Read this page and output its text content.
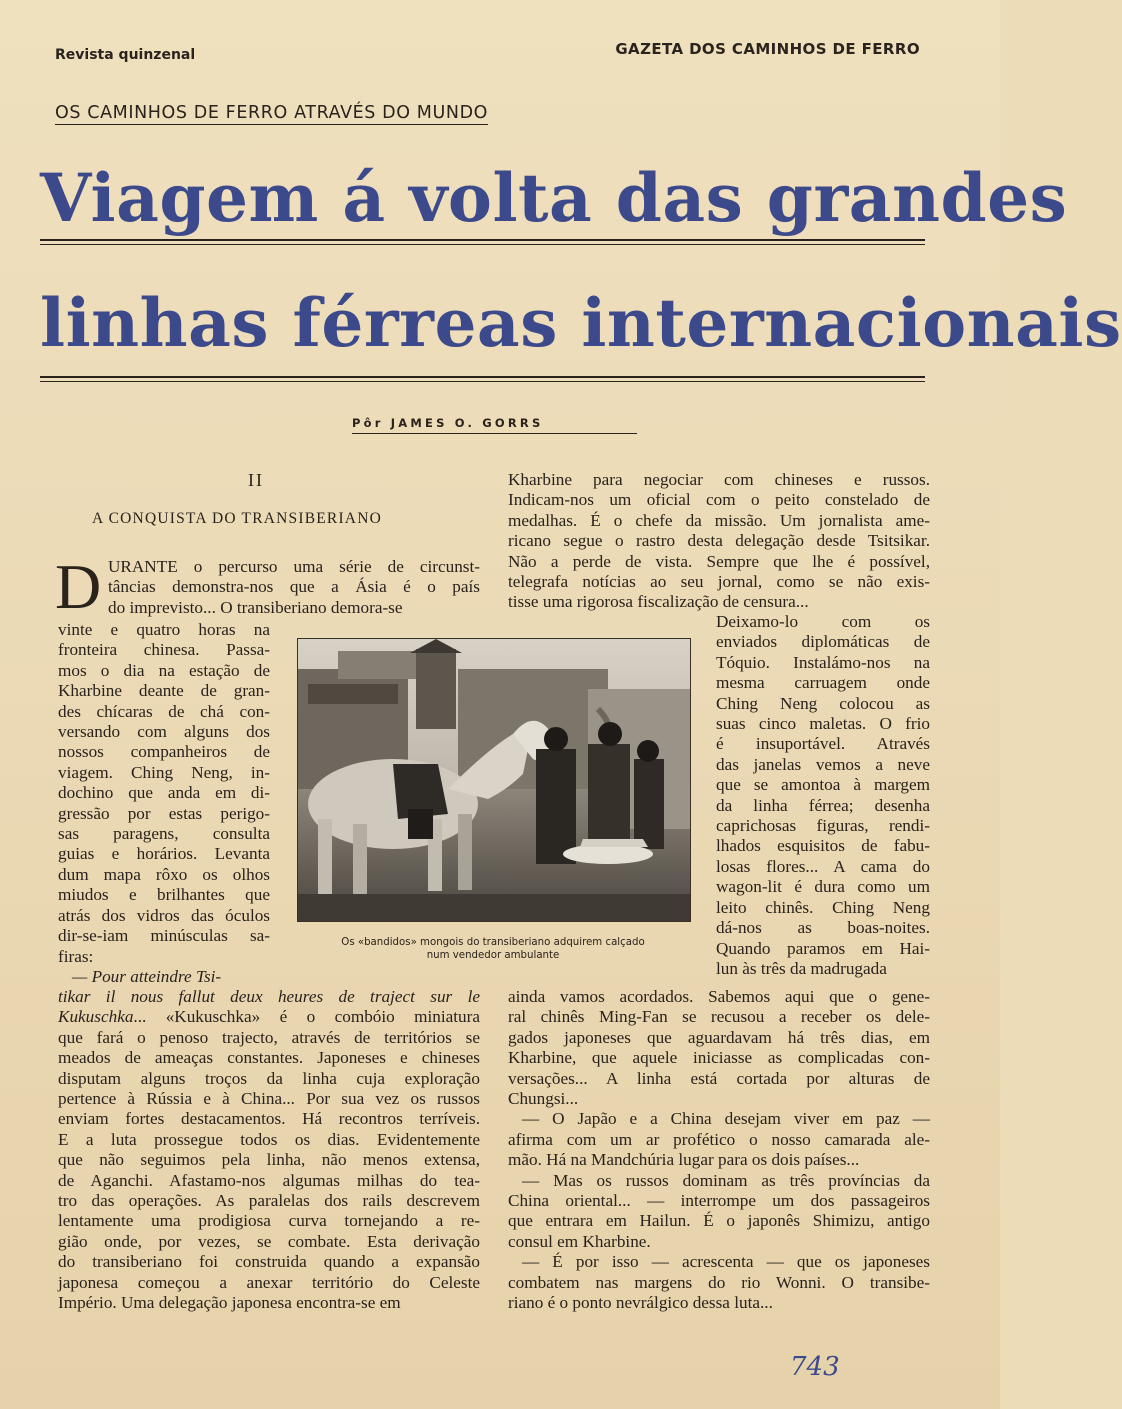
Revista quinzenal	GAZETA DOS CAMINHOS DE FERRO
OS CAMINHOS DE FERRO ATRAVÉS DO MUNDO
Viagem á volta das grandes
linhas férreas internacionais
Pôr JAMES O. GORRS
II
A CONQUISTA DO TRANSIBERIANO
D URANTE o percurso uma série de circunst-
tâncias demonstra-nos que a Ásia é o país
do imprevisto... O transiberiano demora-se
vinte e quatro horas na
fronteira chinesa. Passa-
mos o dia na estação de
Kharbine deante de gran-
des chícaras de chá con-
versando com alguns dos
nossos companheiros de
viagem. Ching Neng, in-
dochino que anda em di-
gressão por estas perigo-
sas paragens, consulta
guias e horários. Levanta
dum mapa rôxo os olhos
miudos e brilhantes que
atrás dos vidros das óculos
dir-se-iam minúsculas sa-
firas:
— Pour atteindre Tsi-
tikar il nous fallut deux heures de traject sur le
Kukuschka... «Kukuschka» é o combóio miniatura
que fará o penoso trajecto, através de territórios se
meados de ameaças constantes. Japoneses e chineses
disputam alguns troços da linha cuja exploração
pertence à Rússia e à China... Por sua vez os russos
enviam fortes destacamentos. Há recontros terríveis.
E a luta prossegue todos os dias. Evidentemente
que não seguimos pela linha, não menos extensa,
de Aganchi. Afastamo-nos algumas milhas do tea-
tro das operações. As paralelas dos rails descrevem
lentamente uma prodigiosa curva tornejando a re-
gião onde, por vezes, se combate. Esta derivação
do transiberiano foi construida quando a expansão
japonesa começou a anexar território do Celeste
Império. Uma delegação japonesa encontra-se em
Kharbine para negociar com chineses e russos.
Indicam-nos um oficial com o peito constelado de
medalhas. É o chefe da missão. Um jornalista ame-
ricano segue o rastro desta delegação desde Tsitsikar.
Não a perde de vista. Sempre que lhe é possível,
telegrafa notícias ao seu jornal, como se não exis-
tisse uma rigorosa fiscalização de censura...
Deixamo-lo com os
enviados diplomáticas de
Tóquio. Instalámo-nos na
mesma carruagem onde
Ching Neng colocou as
suas cinco maletas. O frio
é insuportável. Através
das janelas vemos a neve
que se amontoa à margem
da linha férrea; desenha
caprichosas figuras, rendi-
lhados esquisitos de fabu-
losas flores... A cama do
wagon-lit é dura como um
leito chinês. Ching Neng
dá-nos as boas-noites.
Quando paramos em Hai-
lun às três da madrugada
ainda vamos acordados. Sabemos aqui que o gene-
ral chinês Ming-Fan se recusou a receber os dele-
gados japoneses que aguardavam há três dias, em
Kharbine, que aquele iniciasse as complicadas con-
versações... A linha está cortada por alturas de
Chungsi...
— O Japão e a China desejam viver em paz —
afirma com um ar profético o nosso camarada ale-
mão. Há na Mandchúria lugar para os dois países...
— Mas os russos dominam as três províncias da
China oriental... — interrompe um dos passageiros
que entrara em Hailun. É o japonês Shimizu, antigo
consul em Kharbine.
— É por isso — acrescenta — que os japoneses
combatem nas margens do rio Wonni. O transibe-
riano é o ponto nevrálgico dessa luta...
Os «bandidos» mongois do transiberiano adquirem calçado
num vendedor ambulante
743
